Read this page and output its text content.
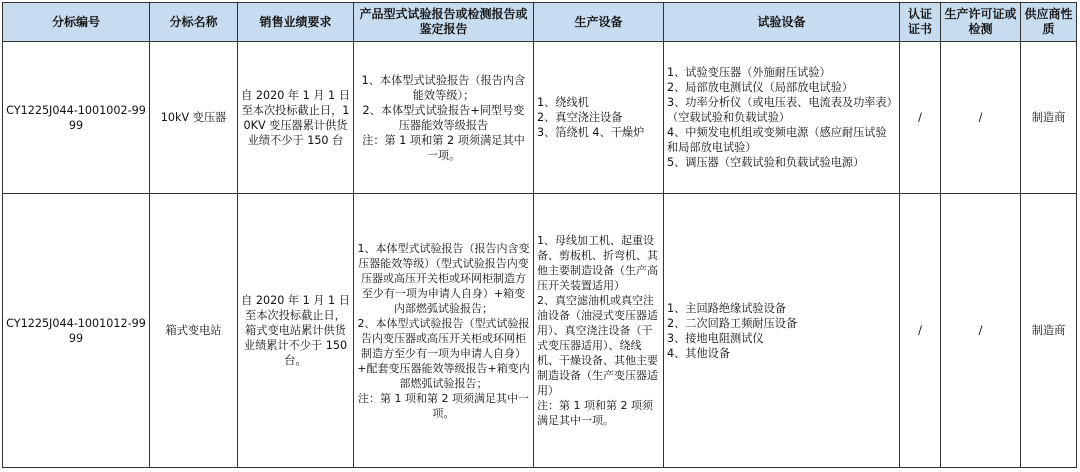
分标编号	分标名称	销售业绩要求	产品型式试验报告或检测报告或鉴定报告	生产设备	试验设备	认证证书	生产许可证或检测	供应商性质
CY1225J044-1001002-9999	10kV 变压器	自 2020 年 1 月 1 日至本次投标截止日，10KV 变压器累计供货业绩不少于 150 台	1、本体型式试验报告（报告内含能效等级）；
2、本体型式试验报告+同型号变压器能效等级报告
注：第 1 项和第 2 项须满足其中一项。	1、绕线机
2、真空浇注设备
3、箔绕机 4、干燥炉	1、试验变压器（外施耐压试验）
2、局部放电测试仪（局部放电试验）
3、功率分析仪（或电压表、电流表及功率表）（空载试验和负载试验）
4、中频发电机组或变频电源（感应耐压试验和局部放电试验）
5、调压器（空载试验和负载试验电源）	/	/	制造商
CY1225J044-1001012-9999	箱式变电站	自 2020 年 1 月 1 日至本次投标截止日，箱式变电站累计供货业绩累计不少于 150 台。	1、本体型式试验报告（报告内含变压器能效等级）（型式试验报告内变压器或高压开关柜或环网柜制造方至少有一项为申请人自身）+箱变内部燃弧试验报告；
2、本体型式试验报告（型式试验报告内变压器或高压开关柜或环网柜制造方至少有一项为申请人自身）+配套变压器能效等级报告+箱变内部燃弧试验报告；
注：第 1 项和第 2 项须满足其中一项。	1、母线加工机、起重设备、剪板机、折弯机、其他主要制造设备（生产高压开关装置适用）
2、真空滤油机或真空注油设备（油浸式变压器适用）、真空浇注设备（干式变压器适用）、绕线机、干燥设备、其他主要制造设备（生产变压器适用）
注：第 1 项和第 2 项须满足其中一项。	1、主回路绝缘试验设备
2、二次回路工频耐压设备
3、接地电阻测试仪
4、其他设备	/	/	制造商
